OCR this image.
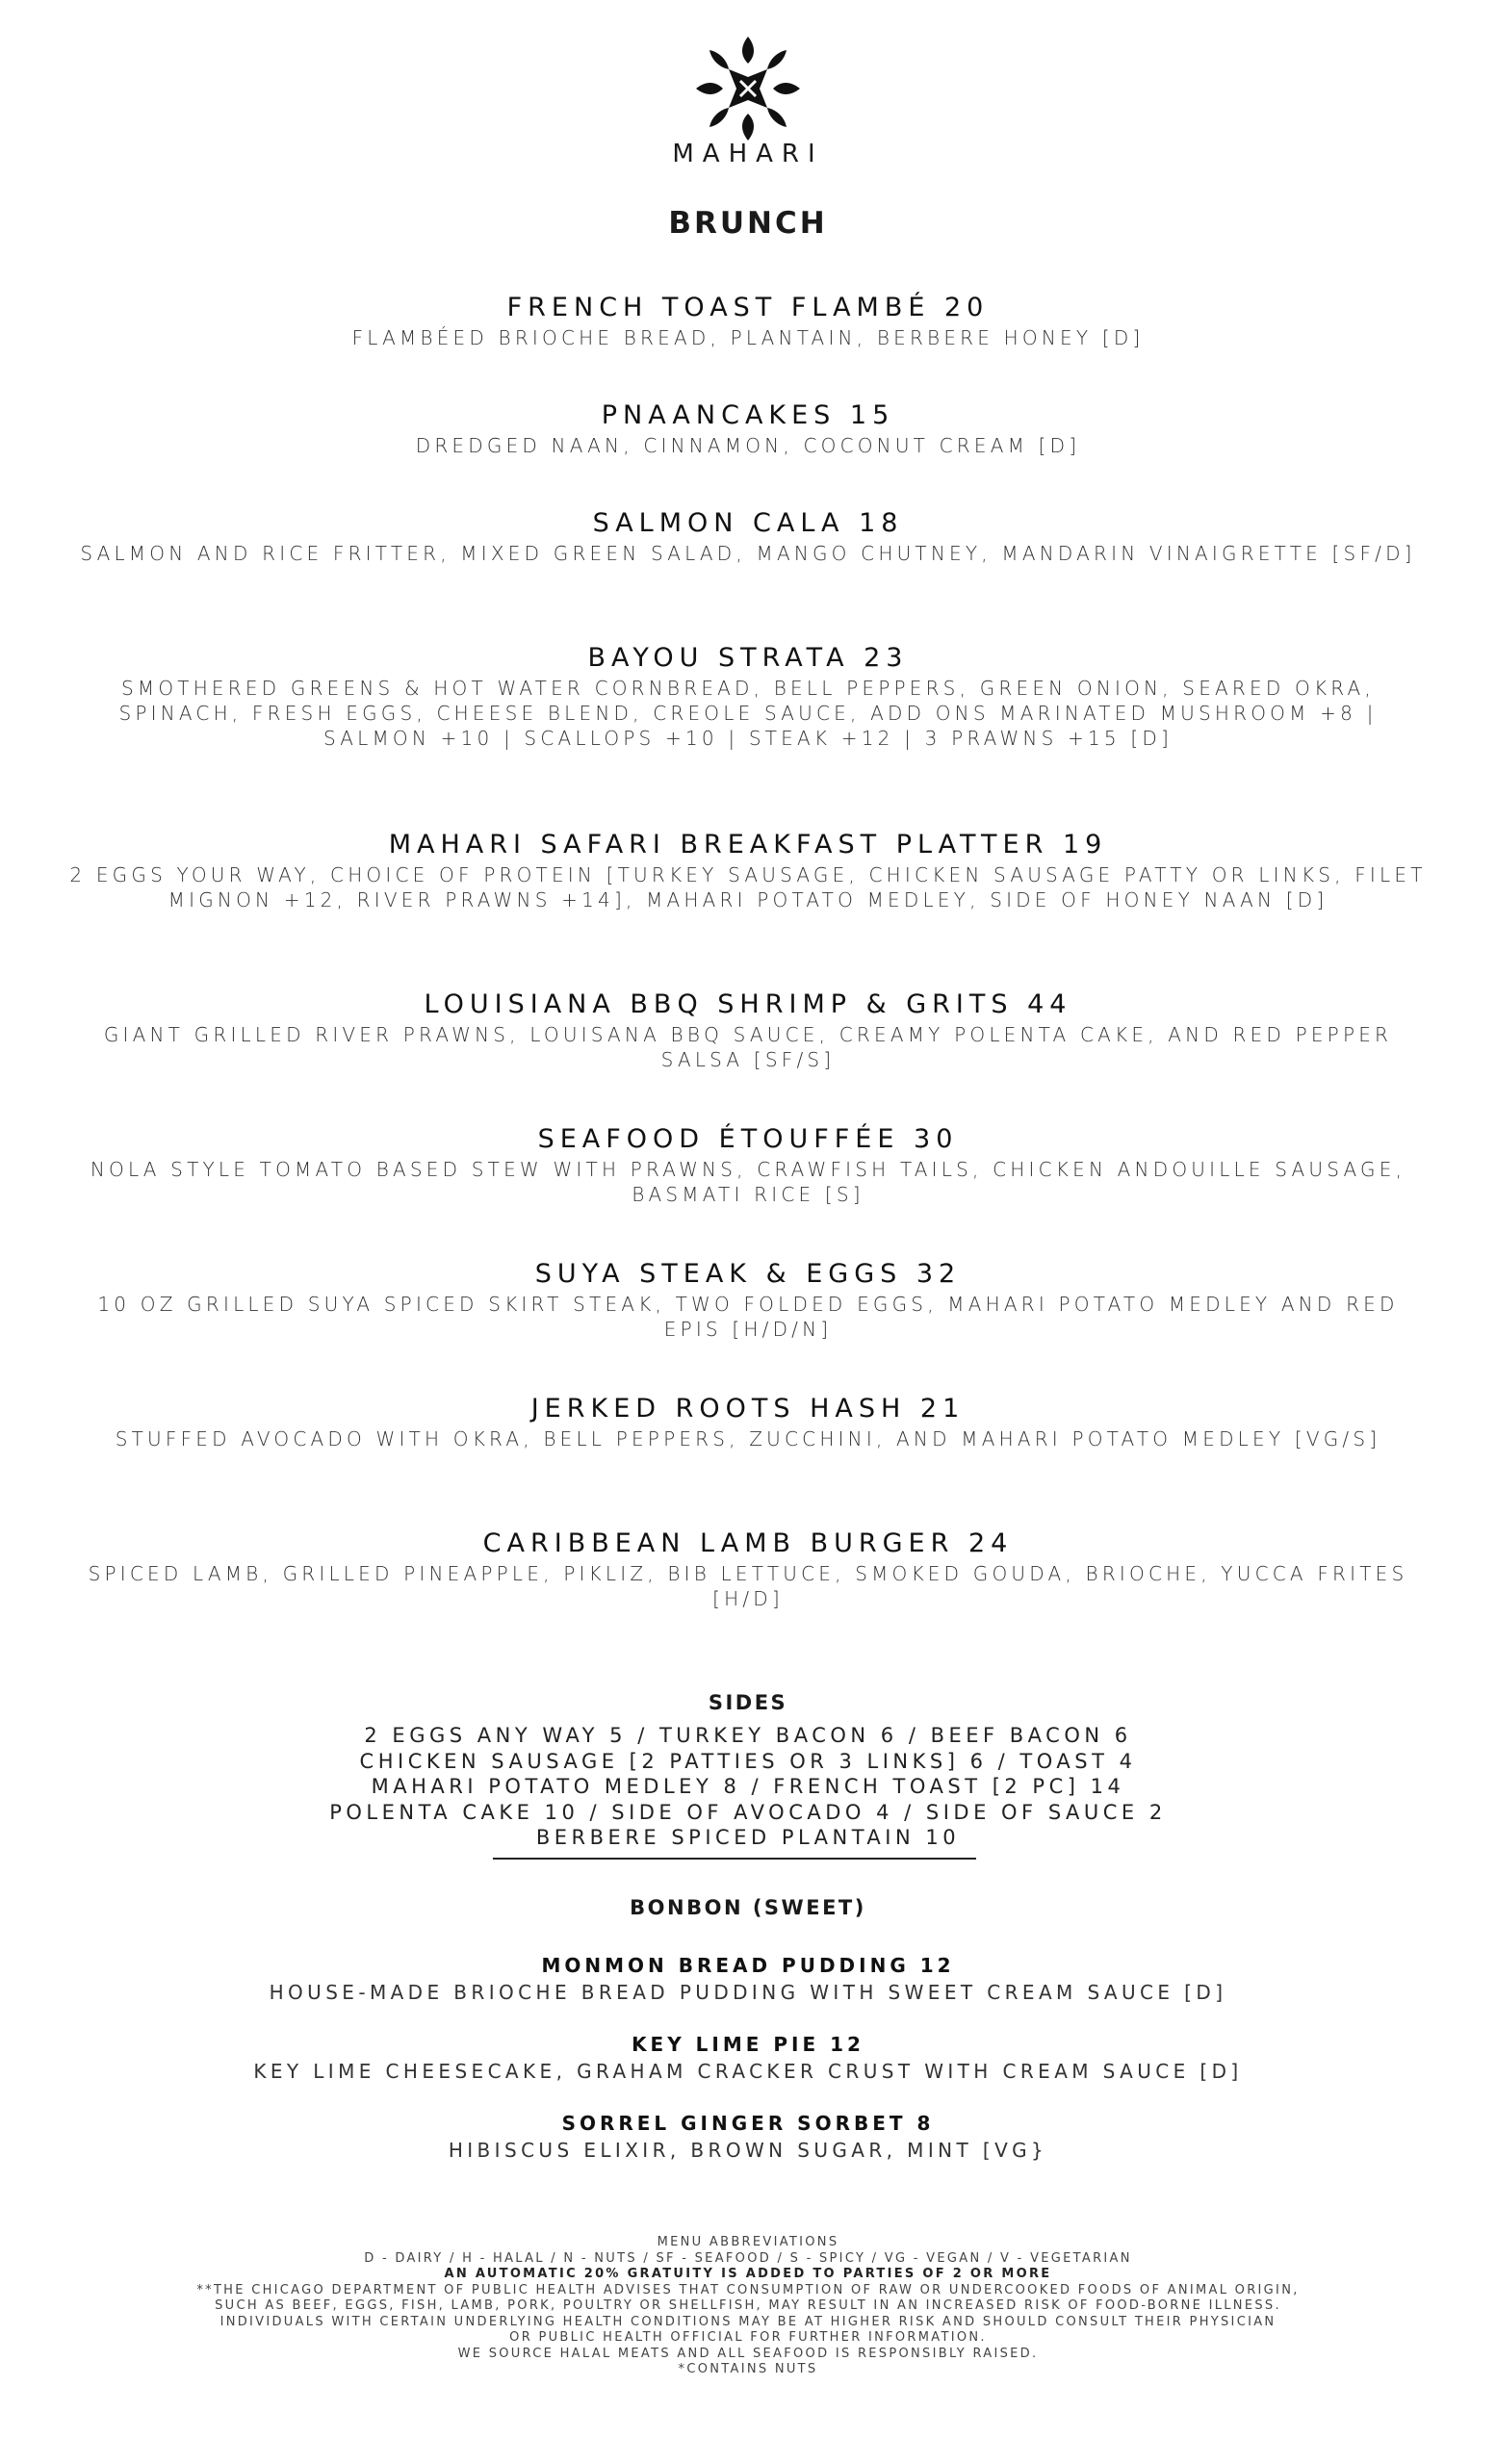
MAHARI
BRUNCH
FRENCH TOAST FLAMBÉ 20
FLAMBÉED BRIOCHE BREAD, PLANTAIN, BERBERE HONEY [D]
PNAANCAKES 15
DREDGED NAAN, CINNAMON, COCONUT CREAM [D]
SALMON CALA 18
SALMON AND RICE FRITTER, MIXED GREEN SALAD, MANGO CHUTNEY, MANDARIN VINAIGRETTE [SF/D]
BAYOU STRATA 23
SMOTHERED GREENS & HOT WATER CORNBREAD, BELL PEPPERS, GREEN ONION, SEARED OKRA, SPINACH, FRESH EGGS, CHEESE BLEND, CREOLE SAUCE, ADD ONS MARINATED MUSHROOM +8 | SALMON +10 | SCALLOPS +10 | STEAK +12 | 3 PRAWNS +15 [D]
MAHARI SAFARI BREAKFAST PLATTER 19
2 EGGS YOUR WAY, CHOICE OF PROTEIN [TURKEY SAUSAGE, CHICKEN SAUSAGE PATTY OR LINKS, FILET MIGNON +12, RIVER PRAWNS +14], MAHARI POTATO MEDLEY, SIDE OF HONEY NAAN [D]
LOUISIANA BBQ SHRIMP & GRITS 44
GIANT GRILLED RIVER PRAWNS, LOUISANA BBQ SAUCE, CREAMY POLENTA CAKE, AND RED PEPPER SALSA [SF/S]
SEAFOOD ÉTOUFFÉE 30
NOLA STYLE TOMATO BASED STEW WITH PRAWNS, CRAWFISH TAILS, CHICKEN ANDOUILLE SAUSAGE, BASMATI RICE [S]
SUYA STEAK & EGGS 32
10 OZ GRILLED SUYA SPICED SKIRT STEAK, TWO FOLDED EGGS, MAHARI POTATO MEDLEY AND RED EPIS [H/D/N]
JERKED ROOTS HASH 21
STUFFED AVOCADO WITH OKRA, BELL PEPPERS, ZUCCHINI, AND MAHARI POTATO MEDLEY [VG/S]
CARIBBEAN LAMB BURGER 24
SPICED LAMB, GRILLED PINEAPPLE, PIKLIZ, BIB LETTUCE, SMOKED GOUDA, BRIOCHE, YUCCA FRITES [H/D]
SIDES
2 EGGS ANY WAY 5 / TURKEY BACON 6 / BEEF BACON 6
CHICKEN SAUSAGE [2 PATTIES OR 3 LINKS] 6 / TOAST 4
MAHARI POTATO MEDLEY 8 / FRENCH TOAST [2 PC] 14
POLENTA CAKE 10 / SIDE OF AVOCADO 4 / SIDE OF SAUCE 2
BERBERE SPICED PLANTAIN 10
BONBON (SWEET)
MONMON BREAD PUDDING 12
HOUSE-MADE BRIOCHE BREAD PUDDING WITH SWEET CREAM SAUCE [D]
KEY LIME PIE 12
KEY LIME CHEESECAKE, GRAHAM CRACKER CRUST WITH CREAM SAUCE [D]
SORREL GINGER SORBET 8
HIBISCUS ELIXIR, BROWN SUGAR, MINT [VG}
MENU ABBREVIATIONS
D - DAIRY / H - HALAL / N - NUTS / SF - SEAFOOD / S - SPICY / VG - VEGAN / V - VEGETARIAN
AN AUTOMATIC 20% GRATUITY IS ADDED TO PARTIES OF 2 OR MORE
**THE CHICAGO DEPARTMENT OF PUBLIC HEALTH ADVISES THAT CONSUMPTION OF RAW OR UNDERCOOKED FOODS OF ANIMAL ORIGIN,
SUCH AS BEEF, EGGS, FISH, LAMB, PORK, POULTRY OR SHELLFISH, MAY RESULT IN AN INCREASED RISK OF FOOD-BORNE ILLNESS.
INDIVIDUALS WITH CERTAIN UNDERLYING HEALTH CONDITIONS MAY BE AT HIGHER RISK AND SHOULD CONSULT THEIR PHYSICIAN
OR PUBLIC HEALTH OFFICIAL FOR FURTHER INFORMATION.
WE SOURCE HALAL MEATS AND ALL SEAFOOD IS RESPONSIBLY RAISED.
*CONTAINS NUTS
